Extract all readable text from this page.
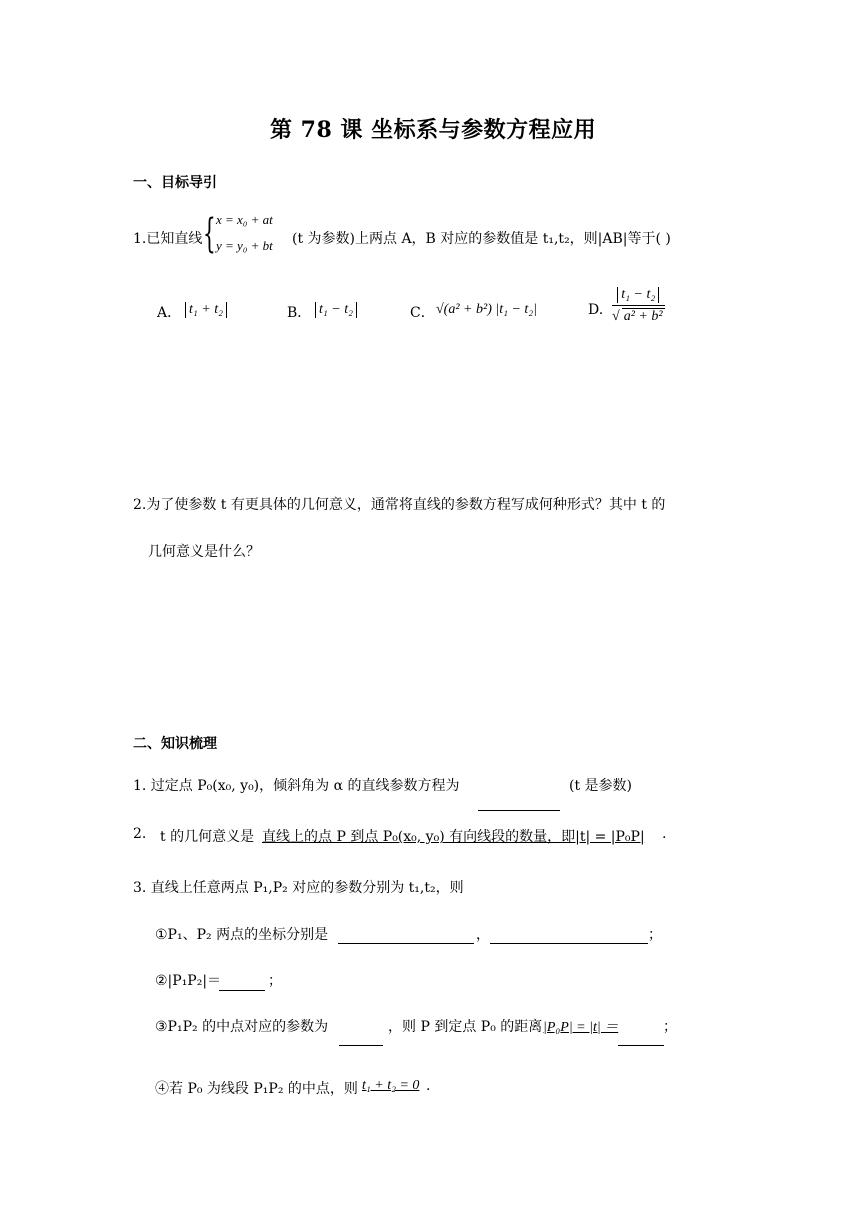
第 78 课 坐标系与参数方程应用
一、目标导引
1.已知直线 { x = x₀ + at
y = y₀ + bt (t 为参数)上两点 A，B 对应的参数值是 t₁,t₂，则|AB|等于( )
A． t₁ + t₂	B． t₁ − t₂	C． √(a² + b²) |t₁ − t₂|	D. $\frac{\text{t₁ − t₂}}{\text{√ a² + b²}}$
2.为了使参数 t 有更具体的几何意义，通常将直线的参数方程写成何种形式？其中 t 的
几何意义是什么？
二、知识梳理
1. 过定点 P₀(x₀, y₀)，倾斜角为 α 的直线参数方程为	(t 是参数)
2. t 的几何意义是 直线上的点 P 到点 P₀(x₀, y₀) 有向线段的数量，即|t| = |P₀P| .
3. 直线上任意两点 P₁,P₂ 对应的参数分别为 t₁,t₂，则
①P₁、P₂ 两点的坐标分别是	，	；
②|P₁P₂|＝	；
③P₁P₂ 的中点对应的参数为	，则 P 到定点 P₀ 的距离 |P₀P| = |t| ＝	；
④若 P₀ 为线段 P₁P₂ 的中点，则 t₁ + t₂ = 0 .
